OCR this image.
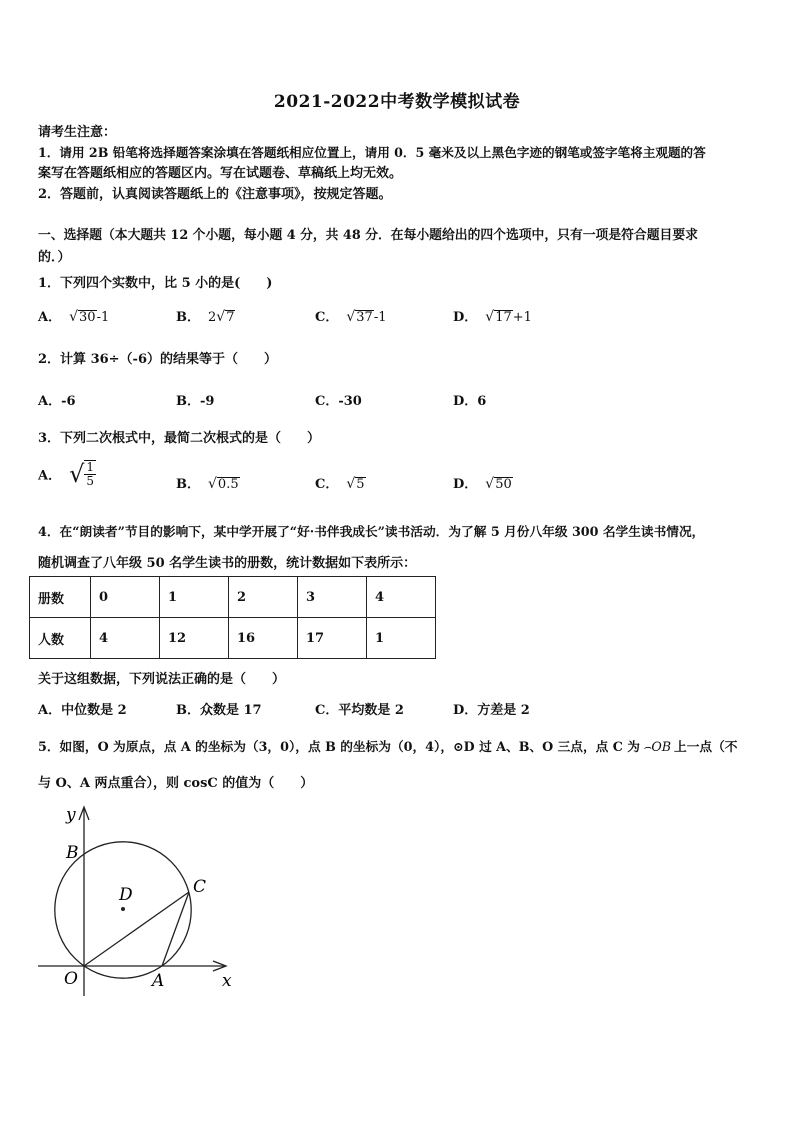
2021-2022中考数学模拟试卷
请考生注意：
1．请用 2B 铅笔将选择题答案涂填在答题纸相应位置上，请用 0．5 毫米及以上黑色字迹的钢笔或签字笔将主观题的答
案写在答题纸相应的答题区内。写在试题卷、草稿纸上均无效。
2．答题前，认真阅读答题纸上的《注意事项》，按规定答题。
一、选择题（本大题共 12 个小题，每小题 4 分，共 48 分．在每小题给出的四个选项中，只有一项是符合题目要求
的．）
1．下列四个实数中，比 5 小的是(　　)
A． √30-1	B． 2√7	C． √37-1	D． √17+1
2．计算 36÷（-6）的结果等于（　　）
A．-6	B．-9	C．-30	D．6
3．下列二次根式中，最简二次根式的是（　　）
A． √ $\frac{1}{5}$	B． √0.5	C． √5	D． √50
4．在“朗读者”节目的影响下，某中学开展了“好·书伴我成长”读书活动．为了解 5 月份八年级 300 名学生读书情况，
随机调查了八年级 50 名学生读书的册数，统计数据如下表所示：
册数	0	1	2	3	4
人数	4	12	16	17	1
关于这组数据，下列说法正确的是（　　）
A．中位数是 2	B．众数是 17	C．平均数是 2	D．方差是 2
5．如图，O 为原点，点 A 的坐标为（3，0），点 B 的坐标为（0，4），⊙D 过 A、B、O 三点，点 C 为 ⌢OB 上一点（不
与 O、A 两点重合），则 cosC 的值为（　　）
y
x
B
D	C
O	A
